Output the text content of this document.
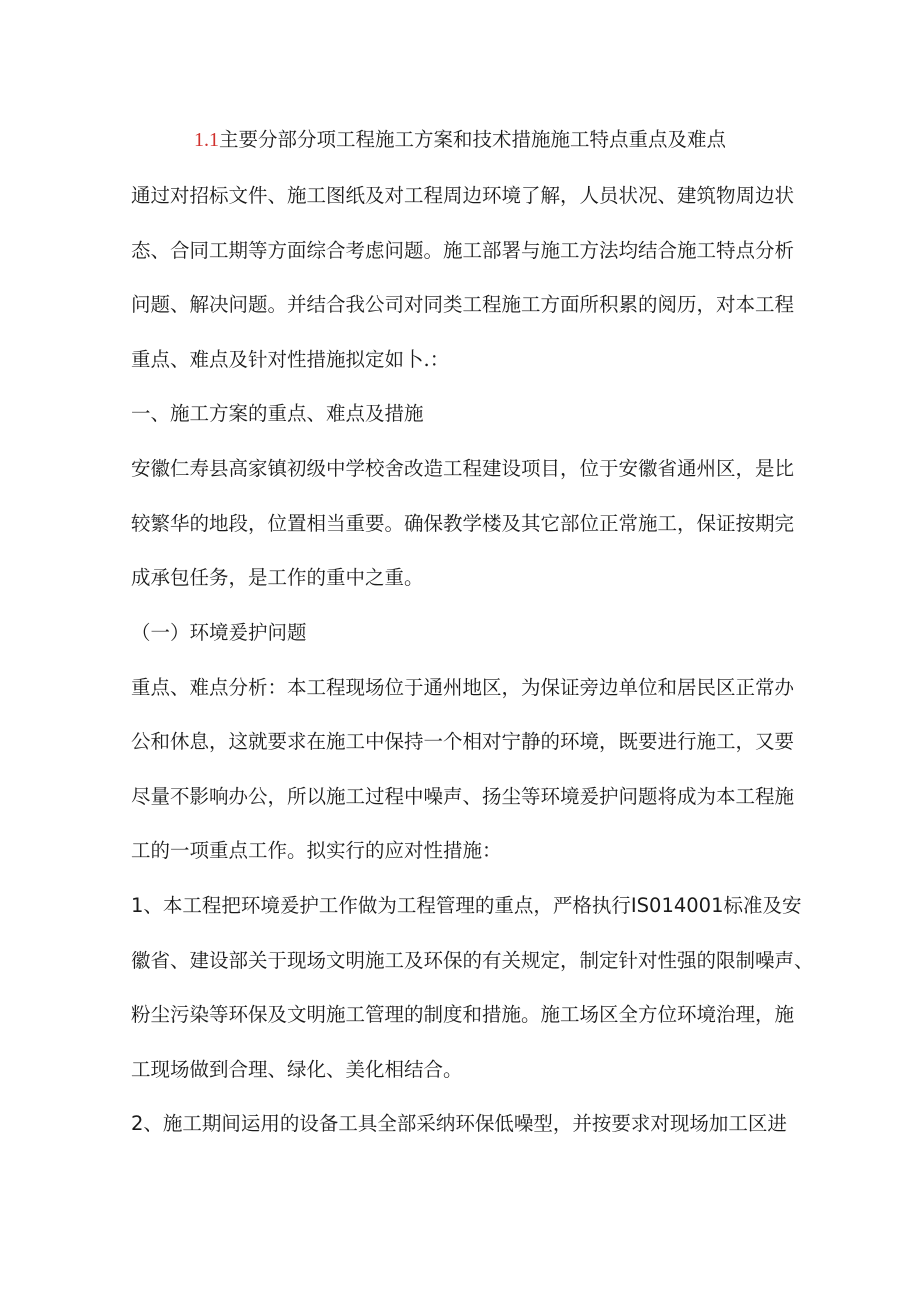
1.1主要分部分项工程施工方案和技术措施施工特点重点及难点

通过对招标文件、施工图纸及对工程周边环境了解，人员状况、建筑物周边状

态、合同工期等方面综合考虑问题。施工部署与施工方法均结合施工特点分析

问题、解决问题。并结合我公司对同类工程施工方面所积累的阅历，对本工程

重点、难点及针对性措施拟定如卜.：

一、施工方案的重点、难点及措施

安徽仁寿县高家镇初级中学校舍改造工程建设项目，位于安徽省通州区，是比

较繁华的地段，位置相当重要。确保教学楼及其它部位正常施工，保证按期完

成承包任务，是工作的重中之重。

（一）环境爰护问题

重点、难点分析：本工程现场位于通州地区，为保证旁边单位和居民区正常办

公和休息，这就要求在施工中保持一个相对宁静的环境，既要进行施工，又要

尽量不影响办公，所以施工过程中噪声、扬尘等环境爰护问题将成为本工程施

工的一项重点工作。拟实行的应对性措施：

1、本工程把环境爰护工作做为工程管理的重点，严格执行IS014001标准及安

徽省、建设部关于现场文明施工及环保的有关规定，制定针对性强的限制噪声、

粉尘污染等环保及文明施工管理的制度和措施。施工场区全方位环境治理，施

工现场做到合理、绿化、美化相结合。

2、施工期间运用的设备工具全部采纳环保低噪型，并按要求对现场加工区进
